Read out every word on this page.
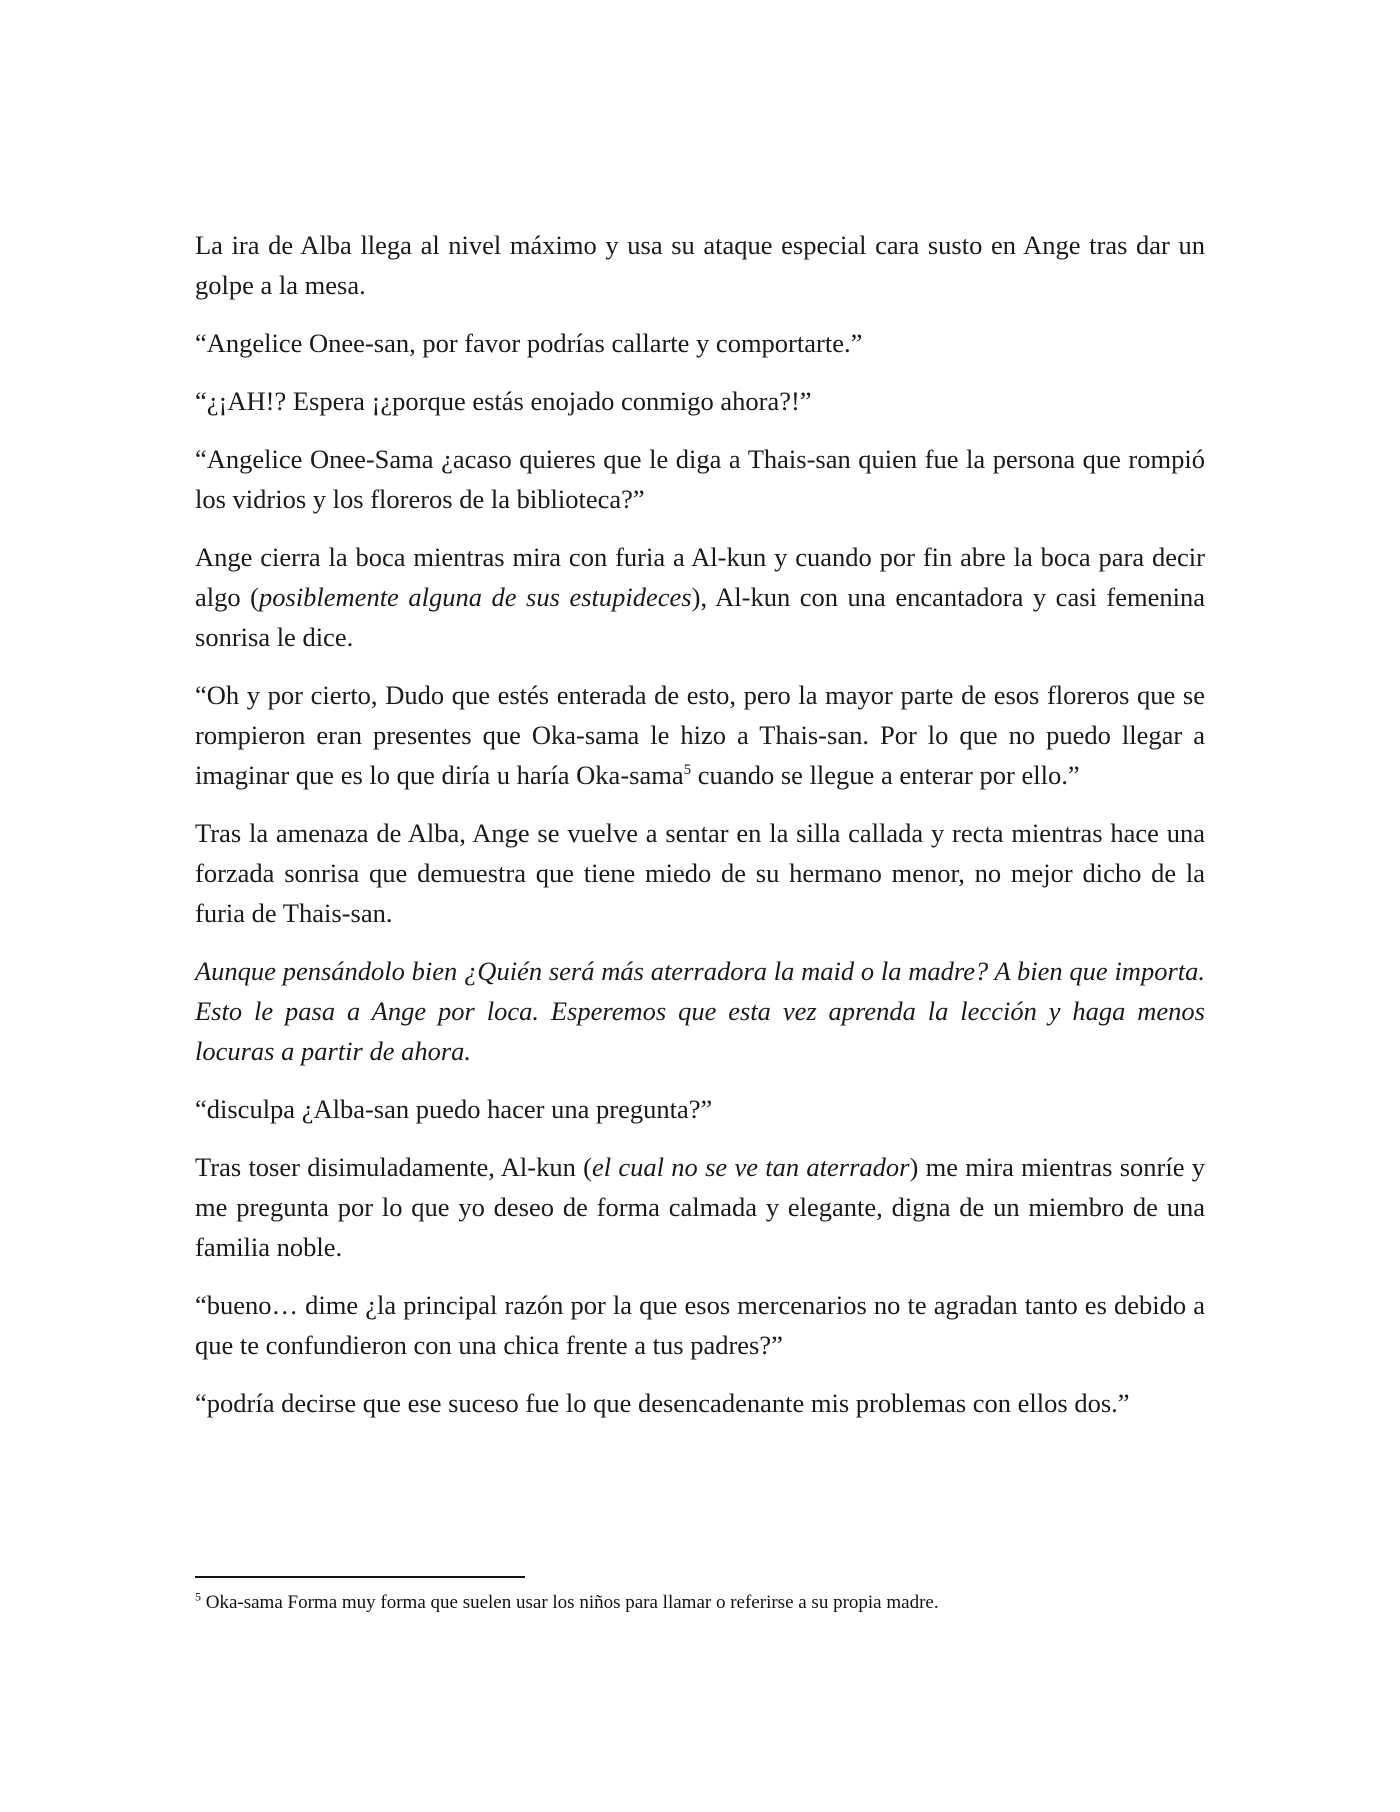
La ira de Alba llega al nivel máximo y usa su ataque especial cara susto en Ange tras dar un golpe a la mesa.

“Angelice Onee-san, por favor podrías callarte y comportarte.”

“¿¡AH!? Espera ¡¿porque estás enojado conmigo ahora?!”

“Angelice Onee-Sama ¿acaso quieres que le diga a Thais-san quien fue la persona que rompió los vidrios y los floreros de la biblioteca?”

Ange cierra la boca mientras mira con furia a Al-kun y cuando por fin abre la boca para decir algo (posiblemente alguna de sus estupideces), Al-kun con una encantadora y casi femenina sonrisa le dice.

“Oh y por cierto, Dudo que estés enterada de esto, pero la mayor parte de esos floreros que se rompieron eran presentes que Oka-sama le hizo a Thais-san. Por lo que no puedo llegar a imaginar que es lo que diría u haría Oka-sama$^5$ cuando se llegue a enterar por ello.”

Tras la amenaza de Alba, Ange se vuelve a sentar en la silla callada y recta mientras hace una forzada sonrisa que demuestra que tiene miedo de su hermano menor, no mejor dicho de la furia de Thais-san.

Aunque pensándolo bien ¿Quién será más aterradora la maid o la madre? A bien que importa. Esto le pasa a Ange por loca. Esperemos que esta vez aprenda la lección y haga menos locuras a partir de ahora.

“disculpa ¿Alba-san puedo hacer una pregunta?”

Tras toser disimuladamente, Al-kun (el cual no se ve tan aterrador) me mira mientras sonríe y me pregunta por lo que yo deseo de forma calmada y elegante, digna de un miembro de una familia noble.

“bueno… dime ¿la principal razón por la que esos mercenarios no te agradan tanto es debido a que te confundieron con una chica frente a tus padres?”

“podría decirse que ese suceso fue lo que desencadenante mis problemas con ellos dos.”

$^5$ Oka-sama Forma muy forma que suelen usar los niños para llamar o referirse a su propia madre.
